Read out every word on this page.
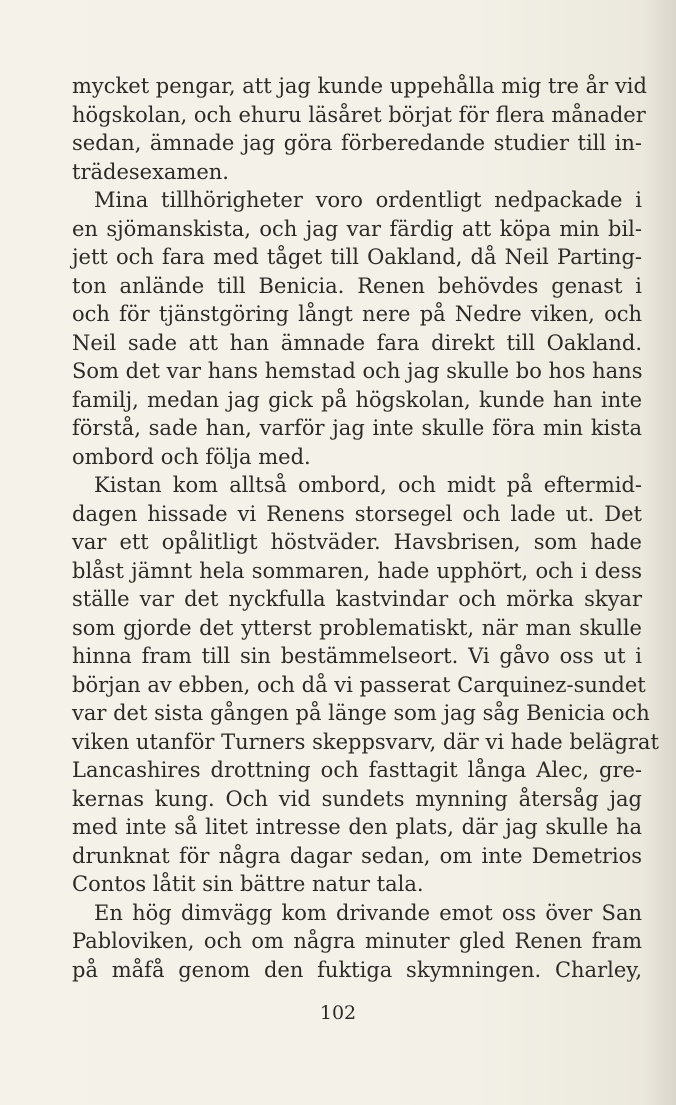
mycket pengar, att jag kunde uppehålla mig tre år vid
högskolan, och ehuru läsåret börjat för flera månader
sedan, ämnade jag göra förberedande studier till in-
trädesexamen.
Mina tillhörigheter voro ordentligt nedpackade i
en sjömanskista, och jag var färdig att köpa min bil-
jett och fara med tåget till Oakland, då Neil Parting-
ton anlände till Benicia. Renen behövdes genast i
och för tjänstgöring långt nere på Nedre viken, och
Neil sade att han ämnade fara direkt till Oakland.
Som det var hans hemstad och jag skulle bo hos hans
familj, medan jag gick på högskolan, kunde han inte
förstå, sade han, varför jag inte skulle föra min kista
ombord och följa med.
Kistan kom alltså ombord, och midt på eftermid-
dagen hissade vi Renens storsegel och lade ut. Det
var ett opålitligt höstväder. Havsbrisen, som hade
blåst jämnt hela sommaren, hade upphört, och i dess
ställe var det nyckfulla kastvindar och mörka skyar
som gjorde det ytterst problematiskt, när man skulle
hinna fram till sin bestämmelseort. Vi gåvo oss ut i
början av ebben, och då vi passerat Carquinez-sundet
var det sista gången på länge som jag såg Benicia och
viken utanför Turners skeppsvarv, där vi hade belägrat
Lancashires drottning och fasttagit långa Alec, gre-
kernas kung. Och vid sundets mynning återsåg jag
med inte så litet intresse den plats, där jag skulle ha
drunknat för några dagar sedan, om inte Demetrios
Contos låtit sin bättre natur tala.
En hög dimvägg kom drivande emot oss över San
Pabloviken, och om några minuter gled Renen fram
på måfå genom den fuktiga skymningen. Charley,
102
